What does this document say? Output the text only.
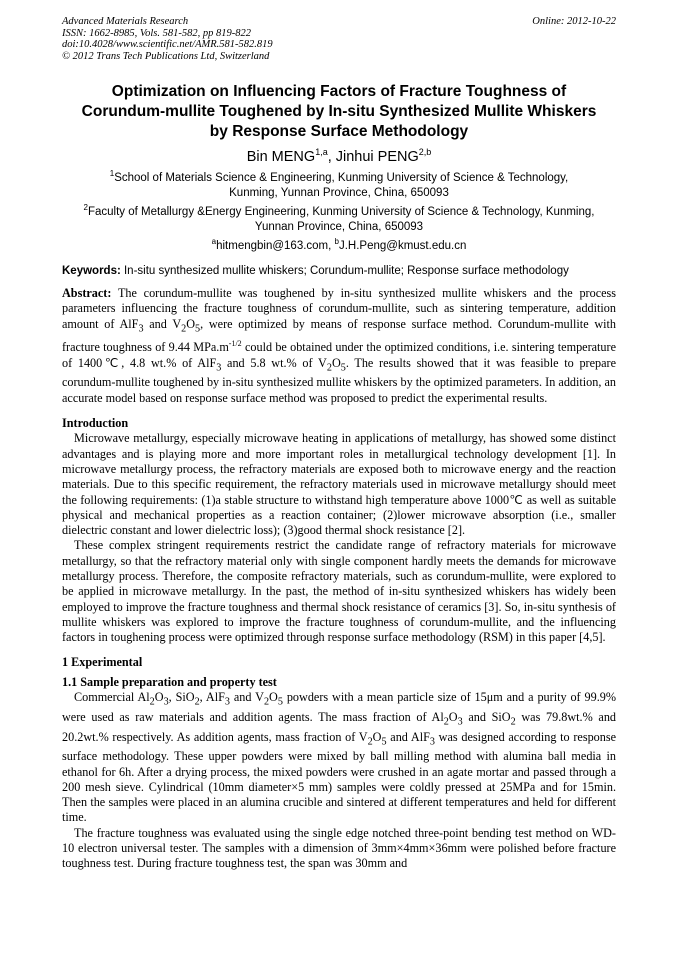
Advanced Materials Research
ISSN: 1662-8985, Vols. 581-582, pp 819-822
doi:10.4028/www.scientific.net/AMR.581-582.819
© 2012 Trans Tech Publications Ltd, Switzerland
Online: 2012-10-22
Optimization on Influencing Factors of Fracture Toughness of
Corundum-mullite Toughened by In-situ Synthesized Mullite Whiskers
by Response Surface Methodology
Bin MENG$^{1,a}$, Jinhui PENG$^{2,b}$
$^1$School of Materials Science & Engineering, Kunming University of Science & Technology,
Kunming, Yunnan Province, China, 650093
$^2$Faculty of Metallurgy &Energy Engineering, Kunming University of Science & Technology, Kunming,
Yunnan Province, China, 650093
$^a$hitmengbin@163.com, $^b$J.H.Peng@kmust.edu.cn
Keywords: In-situ synthesized mullite whiskers; Corundum-mullite; Response surface methodology

Abstract: The corundum-mullite was toughened by in-situ synthesized mullite whiskers and the process parameters influencing the fracture toughness of corundum-mullite, such as sintering temperature, addition amount of AlF$_3$ and $V_2O_5$, were optimized by means of response surface method. Corundum-mullite with fracture toughness of 9.44 $MPa.m^{-1/2}$ could be obtained under the optimized conditions, i.e. sintering temperature of 1400℃, 4.8 wt.% of AlF$_3$ and 5.8 wt.% of $V_2O_5$. The results showed that it was feasible to prepare corundum-mullite toughened by in-situ synthesized mullite whiskers by the optimized parameters. In addition, an accurate model based on response surface method was proposed to predict the experimental results.

Introduction

Microwave metallurgy, especially microwave heating in applications of metallurgy, has showed some distinct advantages and is playing more and more important roles in metallurgical technology development [1]. In microwave metallurgy process, the refractory materials are exposed both to microwave energy and the reaction materials. Due to this specific requirement, the refractory materials used in microwave metallurgy should meet the following requirements: (1)a stable structure to withstand high temperature above 1000℃ as well as suitable physical and mechanical properties as a reaction container; (2)lower microwave absorption (i.e., smaller dielectric constant and lower dielectric loss); (3)good thermal shock resistance [2].

These complex stringent requirements restrict the candidate range of refractory materials for microwave metallurgy, so that the refractory material only with single component hardly meets the demands for microwave metallurgy process. Therefore, the composite refractory materials, such as corundum-mullite, were explored to be applied in microwave metallurgy. In the past, the method of in-situ synthesized whiskers has widely been employed to improve the fracture toughness and thermal shock resistance of ceramics [3]. So, in-situ synthesis of mullite whiskers was explored to improve the fracture toughness of corundum-mullite, and the influencing factors in toughening process were optimized through response surface methodology (RSM) in this paper [4,5].

1 Experimental

1.1 Sample preparation and property test

Commercial $Al_2O_3$, SiO$_2$, AlF$_3$ and $V_2O_5$ powders with a mean particle size of 15μm and a purity of 99.9% were used as raw materials and addition agents. The mass fraction of $Al_2O_3$ and SiO$_2$ was 79.8wt.% and 20.2wt.% respectively. As addition agents, mass fraction of $V_2O_5$ and AlF$_3$ was designed according to response surface methodology. These upper powders were mixed by ball milling method with alumina ball media in ethanol for 6h. After a drying process, the mixed powders were crushed in an agate mortar and passed through a 200 mesh sieve. Cylindrical (10mm diameter×5 mm) samples were coldly pressed at 25MPa and for 15min. Then the samples were placed in an alumina crucible and sintered at different temperatures and held for different time.

The fracture toughness was evaluated using the single edge notched three-point bending test method on WD-10 electron universal tester. The samples with a dimension of 3mm×4mm×36mm were polished before fracture toughness test. During fracture toughness test, the span was 30mm and
